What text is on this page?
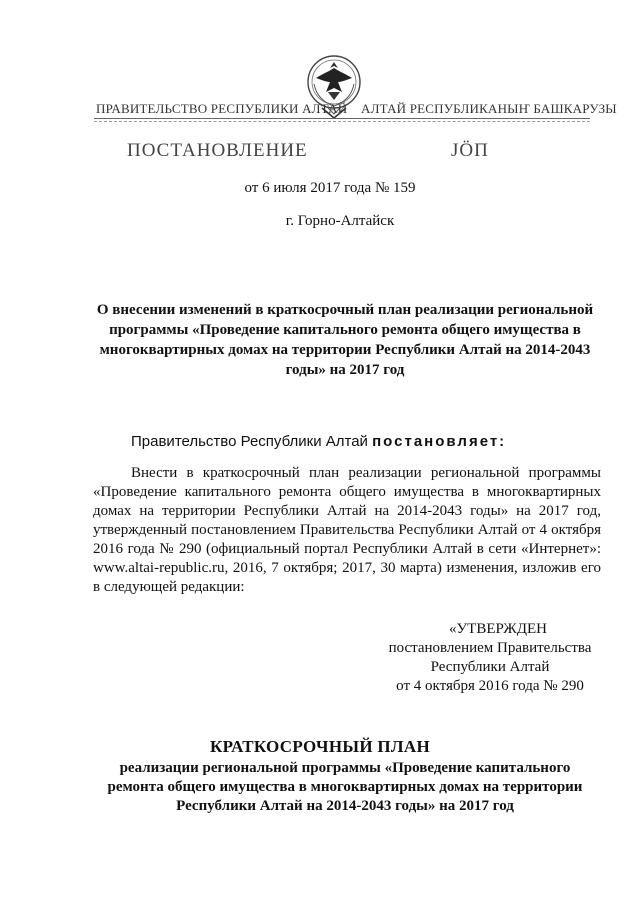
ПРАВИТЕЛЬСТВО РЕСПУБЛИКИ АЛТАЙ АЛТАЙ РЕСПУБЛИКАНЫҤ БАШКАРУЗЫ
ПОСТАНОВЛЕНИЕ	ЈӦП
от 6 июля 2017 года № 159
г. Горно-Алтайск
О внесении изменений в краткосрочный план реализации региональной программы «Проведение капитального ремонта общего имущества в многоквартирных домах на территории Республики Алтай на 2014-2043 годы» на 2017 год
Правительство Республики Алтай постановляет:
Внести в краткосрочный план реализации региональной программы «Проведение капитального ремонта общего имущества в многоквартирных домах на территории Республики Алтай на 2014-2043 годы» на 2017 год, утвержденный постановлением Правительства Республики Алтай от 4 октября 2016 года № 290 (официальный портал Республики Алтай в сети «Интернет»: www.altai-republic.ru, 2016, 7 октября; 2017, 30 марта) изменения, изложив его в следующей редакции:
«УТВЕРЖДЕН
постановлением Правительства
Республики Алтай
от 4 октября 2016 года № 290
КРАТКОСРОЧНЫЙ ПЛАН
реализации региональной программы «Проведение капитального ремонта общего имущества в многоквартирных домах на территории Республики Алтай на 2014-2043 годы» на 2017 год
